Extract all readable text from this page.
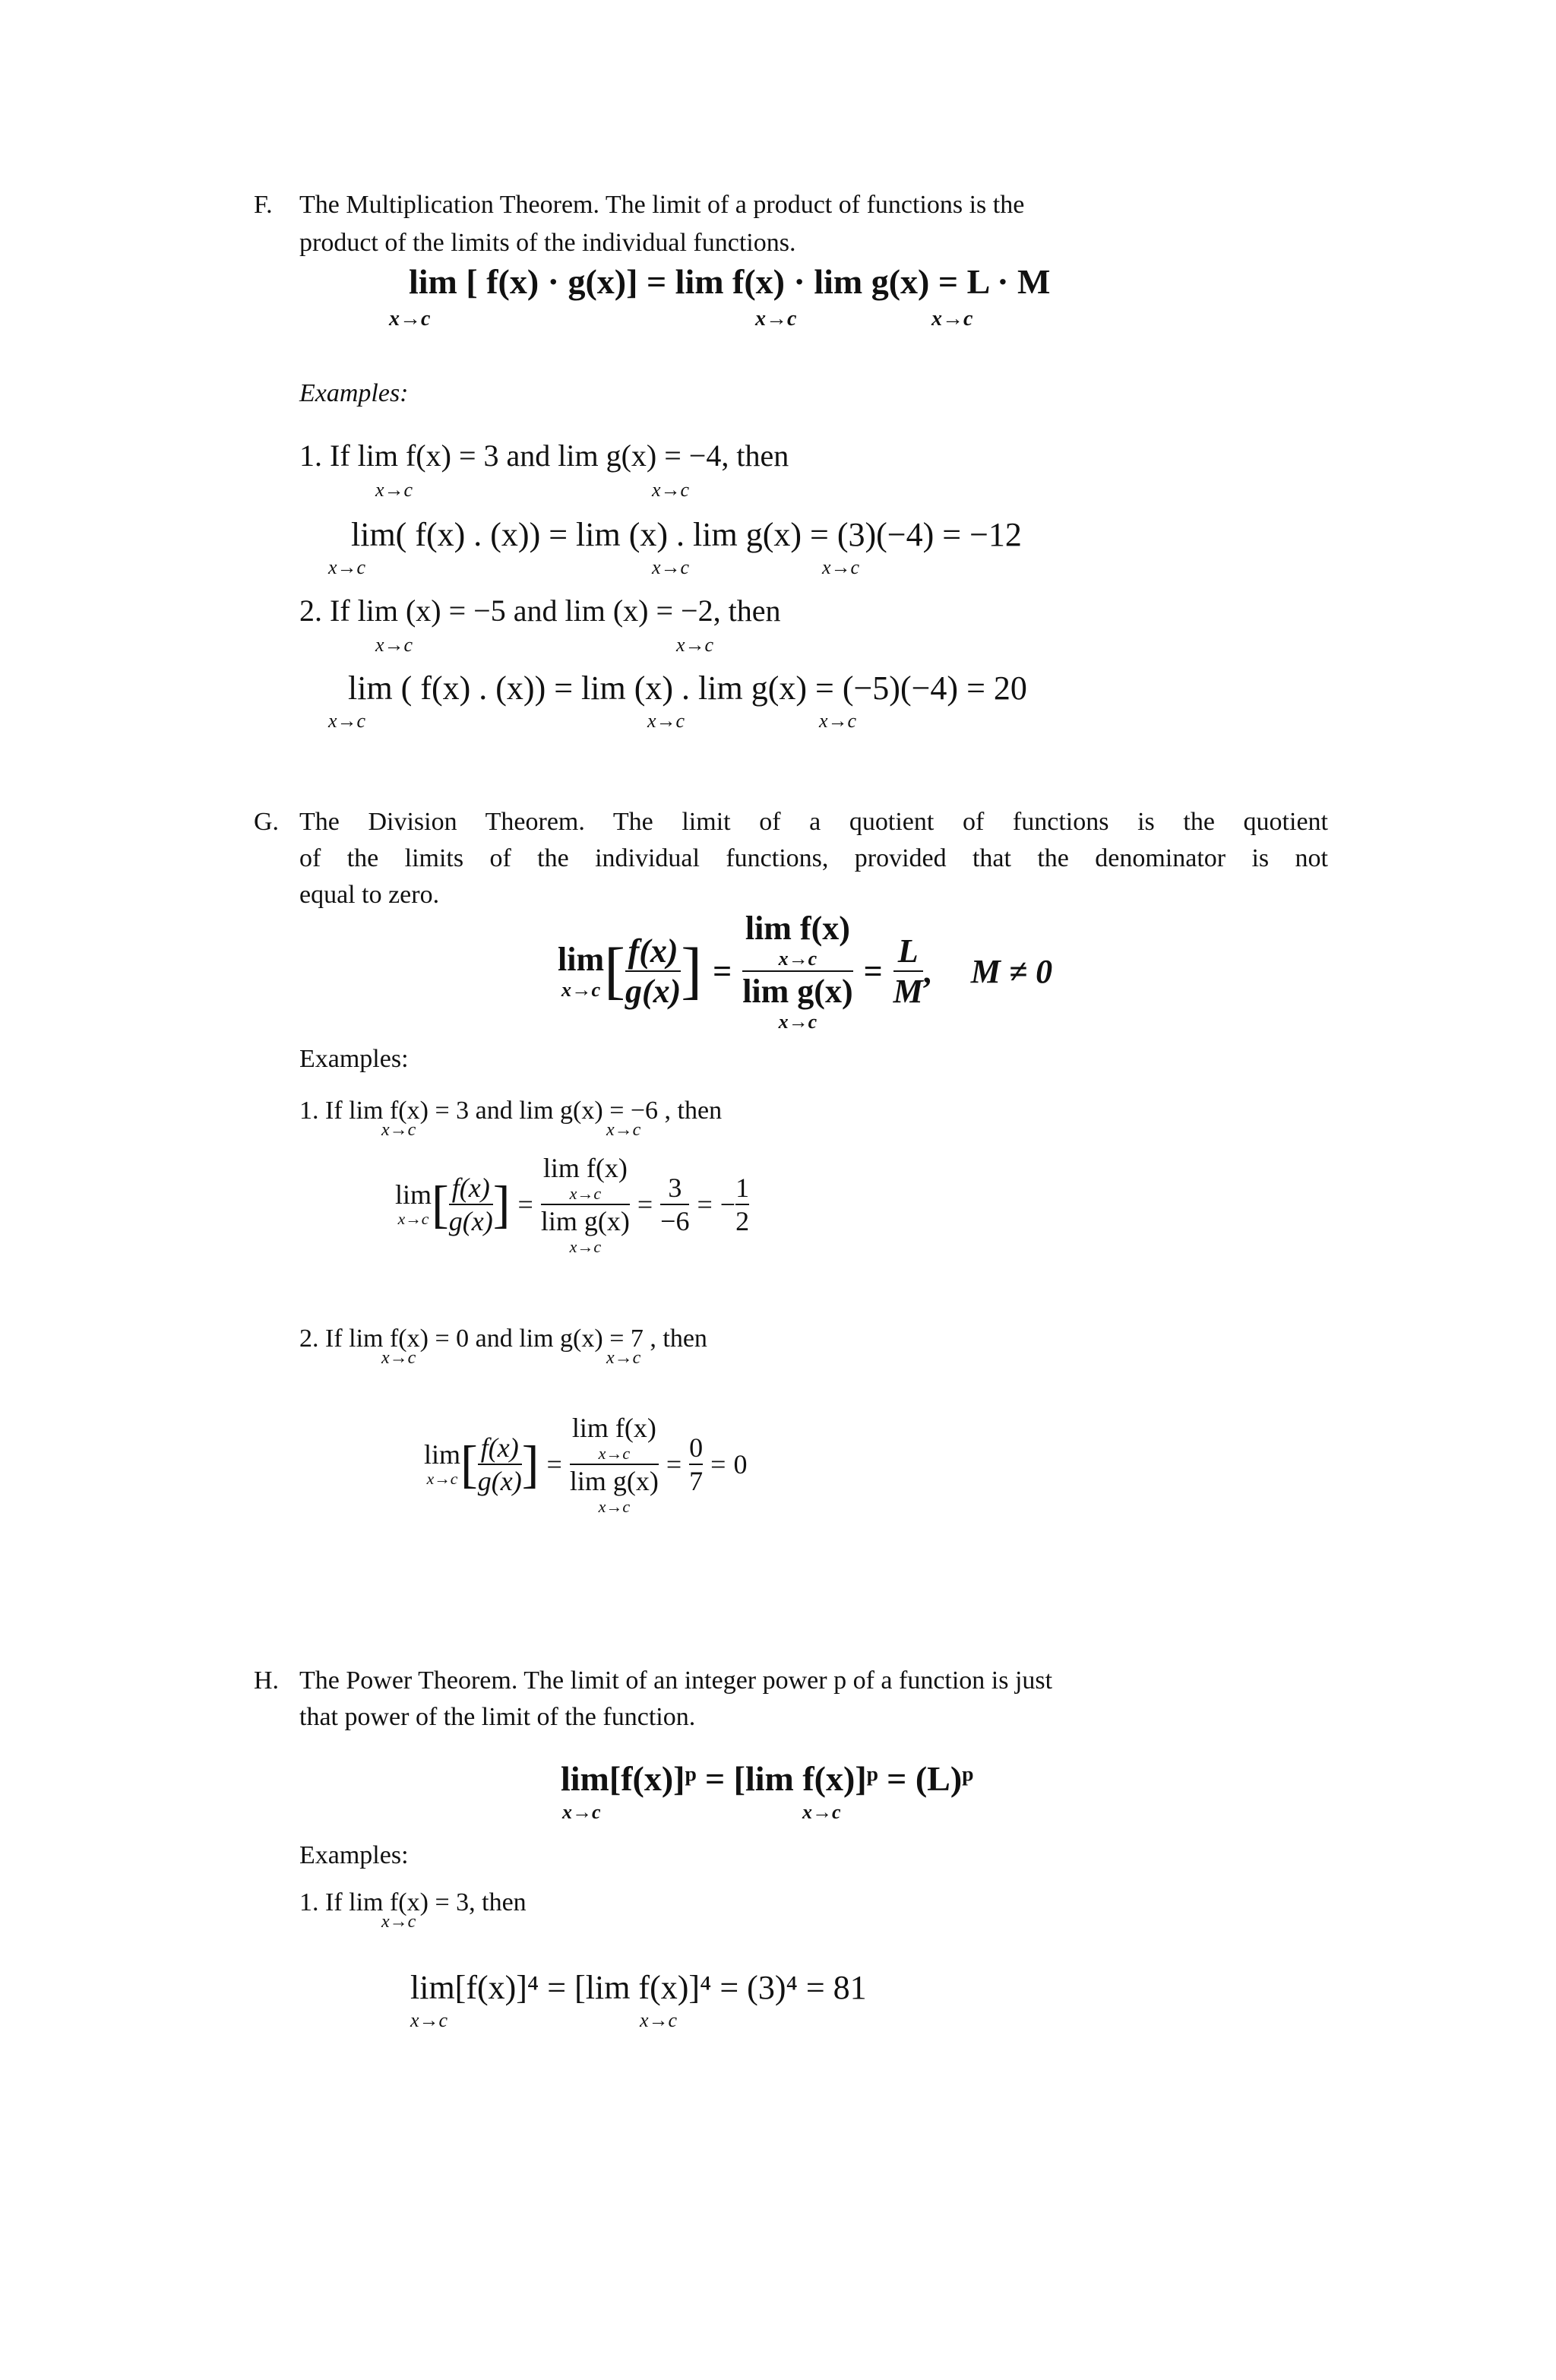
F. The Multiplication Theorem. The limit of a product of functions is the
product of the limits of the individual functions.
lim [ f(x) · g(x)] = lim f(x) · lim g(x) = L · M
x→c	x→c	x→c
Examples:
1. If lim f(x) = 3 and lim g(x) = −4, then
x→c	x→c
lim( f(x) . (x)) = lim (x) . lim g(x) = (3)(−4) = −12
x→c	x→c	x→c
2. If lim (x) = −5 and lim (x) = −2, then
x→c	x→c
lim ( f(x) . (x)) = lim (x) . lim g(x) = (−5)(−4) = 20
x→c	x→c	x→c
G. The Division Theorem. The limit of a quotient of functions is the quotient
of the limits of the individual functions, provided that the denominator is not
equal to zero.
lim
x→c [ $\frac{f(x)}{g(x)}$ ] =
lim f(x)
x→c
lim g(x)
x→c
= $\frac{L}{M}$ , M ≠ 0
Examples:
1. If lim f(x) = 3 and lim g(x) = −6 , then
x→c	x→c
lim
x→c [ $\frac{f(x)}{g(x)}$ ] =
lim f(x)
x→c
lim g(x)
x→c
= $\frac{3}{-6}$ = − $\frac{1}{2}$
2. If lim f(x) = 0 and lim g(x) = 7 , then
x→c	x→c
lim
x→c [ $\frac{f(x)}{g(x)}$ ] =
lim f(x)
x→c
lim g(x)
x→c
= $\frac{0}{7} = 0$
H. The Power Theorem. The limit of an integer power p of a function is just
that power of the limit of the function.
lim[f(x)]ᵖ = [lim f(x)]ᵖ = (L)ᵖ
x→c	x→c
Examples:
1. If lim f(x) = 3, then
x→c
lim[f(x)]⁴ = [lim f(x)]⁴ = (3)⁴ = 81
x→c	x→c
